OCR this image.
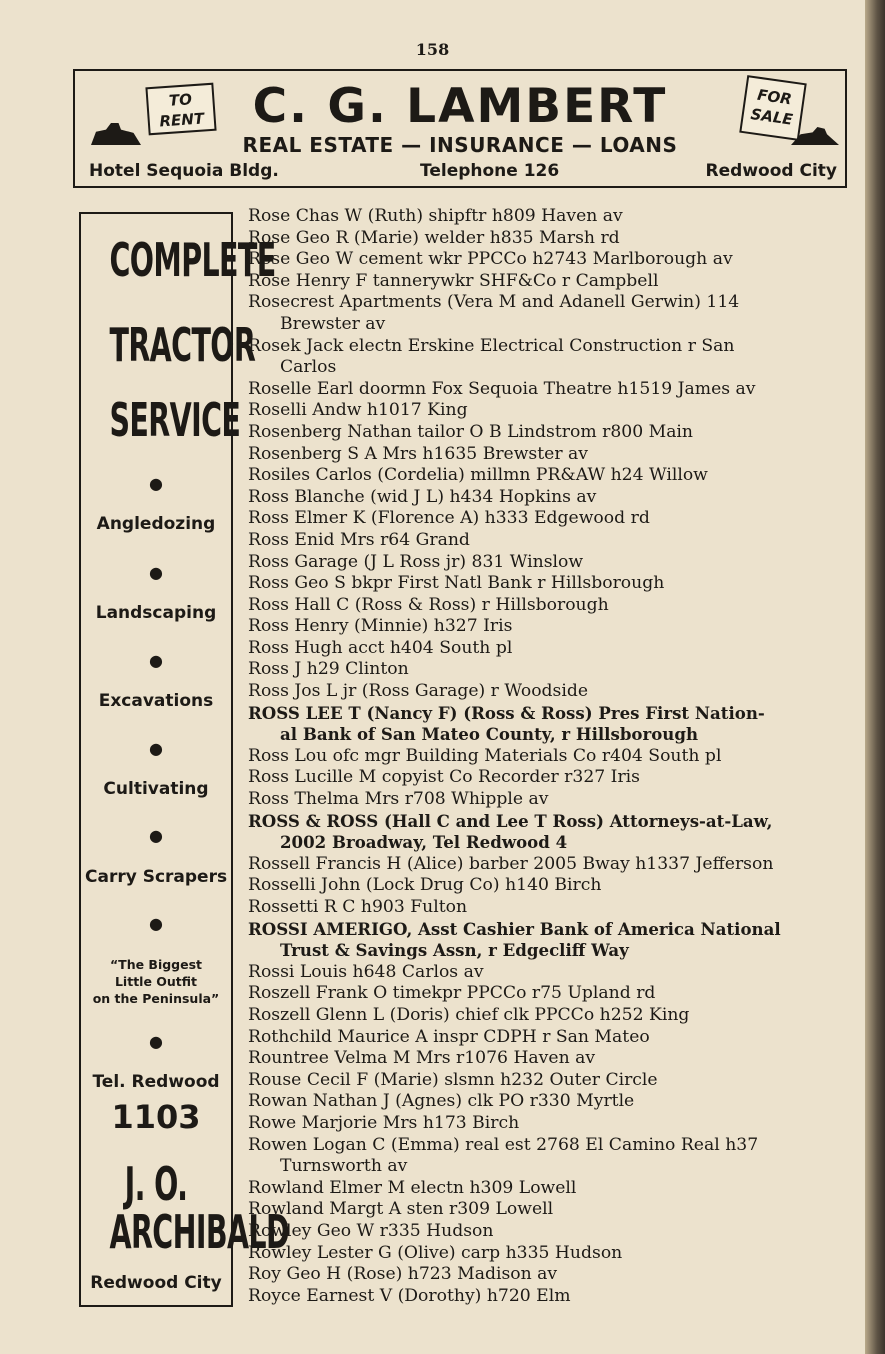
158
TO
RENT	C. G. LAMBERT
REAL ESTATE — INSURANCE — LOANS
Hotel Sequoia Bldg.	Telephone 126	Redwood City
FOR
SALE
COMPLETE
TRACTOR
SERVICE
●
Angledozing
●
Landscaping
●
Excavations
●
Cultivating
●
Carry Scrapers
●
“The Biggest
Little Outfit
on the Peninsula”
●
Tel. Redwood
1103
J. O.
ARCHIBALD
Redwood City
Rose Chas W (Ruth) shipftr h809 Haven av
Rose Geo R (Marie) welder h835 Marsh rd
Rose Geo W cement wkr PPCCo h2743 Marlborough av
Rose Henry F tannerywkr SHF&Co r Campbell
Rosecrest Apartments (Vera M and Adanell Gerwin) 114
Brewster av
Rosek Jack electn Erskine Electrical Construction r San
Carlos
Roselle Earl doormn Fox Sequoia Theatre h1519 James av
Roselli Andw h1017 King
Rosenberg Nathan tailor O B Lindstrom r800 Main
Rosenberg S A Mrs h1635 Brewster av
Rosiles Carlos (Cordelia) millmn PR&AW h24 Willow
Ross Blanche (wid J L) h434 Hopkins av
Ross Elmer K (Florence A) h333 Edgewood rd
Ross Enid Mrs r64 Grand
Ross Garage (J L Ross jr) 831 Winslow
Ross Geo S bkpr First Natl Bank r Hillsborough
Ross Hall C (Ross & Ross) r Hillsborough
Ross Henry (Minnie) h327 Iris
Ross Hugh acct h404 South pl
Ross J h29 Clinton
Ross Jos L jr (Ross Garage) r Woodside
ROSS LEE T (Nancy F) (Ross & Ross) Pres First Nation-
al Bank of San Mateo County, r Hillsborough
Ross Lou ofc mgr Building Materials Co r404 South pl
Ross Lucille M copyist Co Recorder r327 Iris
Ross Thelma Mrs r708 Whipple av
ROSS & ROSS (Hall C and Lee T Ross) Attorneys-at-Law,
2002 Broadway, Tel Redwood 4
Rossell Francis H (Alice) barber 2005 Bway h1337 Jefferson
Rosselli John (Lock Drug Co) h140 Birch
Rossetti R C h903 Fulton
ROSSI AMERIGO, Asst Cashier Bank of America National
Trust & Savings Assn, r Edgecliff Way
Rossi Louis h648 Carlos av
Roszell Frank O timekpr PPCCo r75 Upland rd
Roszell Glenn L (Doris) chief clk PPCCo h252 King
Rothchild Maurice A inspr CDPH r San Mateo
Rountree Velma M Mrs r1076 Haven av
Rouse Cecil F (Marie) slsmn h232 Outer Circle
Rowan Nathan J (Agnes) clk PO r330 Myrtle
Rowe Marjorie Mrs h173 Birch
Rowen Logan C (Emma) real est 2768 El Camino Real h37
Turnsworth av
Rowland Elmer M electn h309 Lowell
Rowland Margt A sten r309 Lowell
Rowley Geo W r335 Hudson
Rowley Lester G (Olive) carp h335 Hudson
Roy Geo H (Rose) h723 Madison av
Royce Earnest V (Dorothy) h720 Elm
